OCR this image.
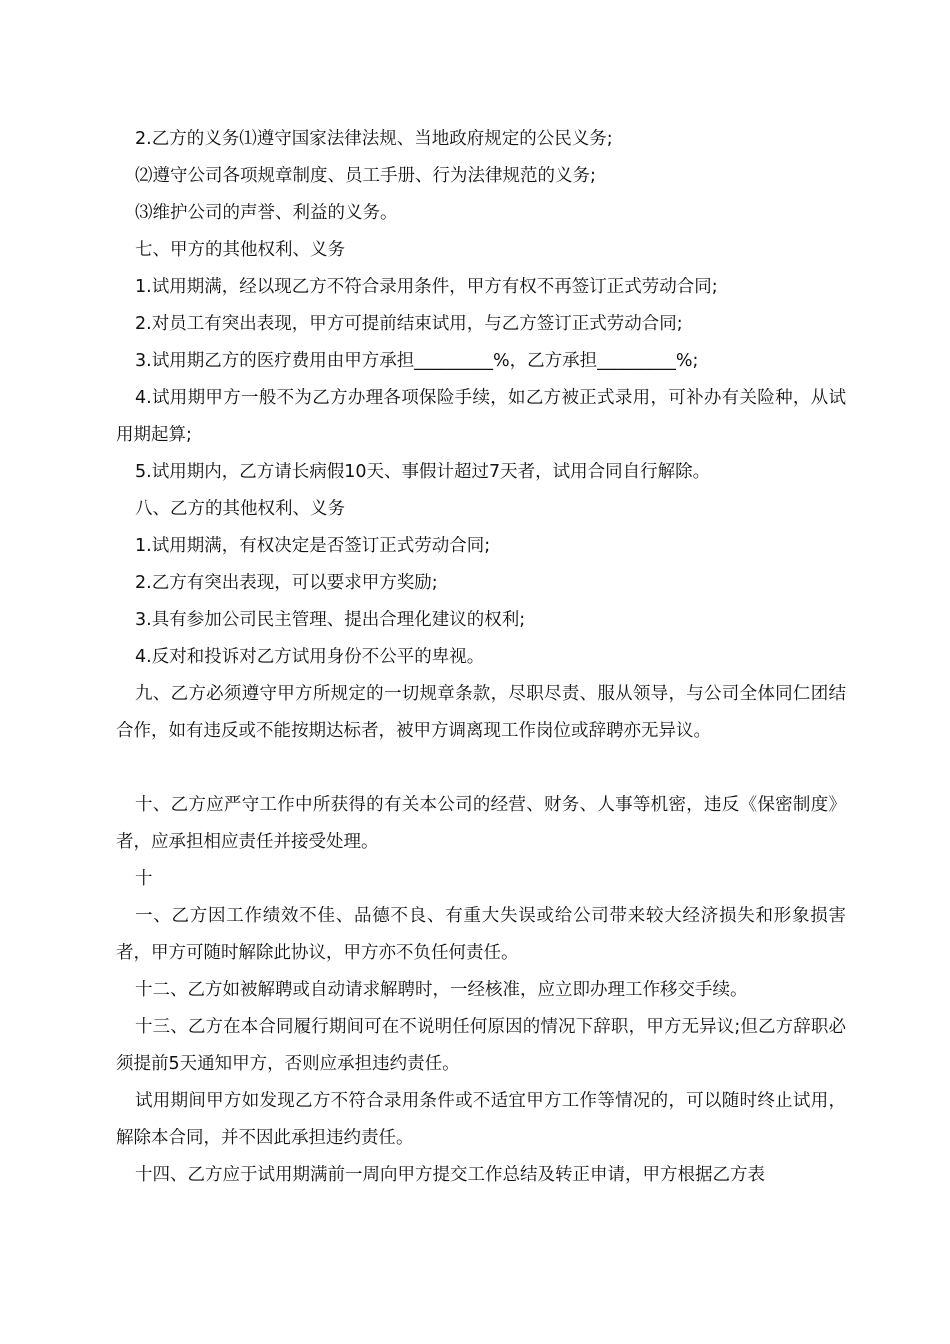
2.乙方的义务⑴遵守国家法律法规、当地政府规定的公民义务;

⑵遵守公司各项规章制度、员工手册、行为法律规范的义务;

⑶维护公司的声誉、利益的义务。

七、甲方的其他权利、义务

1.试用期满，经以现乙方不符合录用条件，甲方有权不再签订正式劳动合同;

2.对员工有突出表现，甲方可提前结束试用，与乙方签订正式劳动合同;

3.试用期乙方的医疗费用由甲方承担_________%，乙方承担_________%;

4.试用期甲方一般不为乙方办理各项保险手续，如乙方被正式录用，可补办有关险种，从试用期起算;

5.试用期内，乙方请长病假10天、事假计超过7天者，试用合同自行解除。

八、乙方的其他权利、义务

1.试用期满，有权决定是否签订正式劳动合同;

2.乙方有突出表现，可以要求甲方奖励;

3.具有参加公司民主管理、提出合理化建议的权利;

4.反对和投诉对乙方试用身份不公平的卑视。

九、乙方必须遵守甲方所规定的一切规章条款，尽职尽责、服从领导，与公司全体同仁团结合作，如有违反或不能按期达标者，被甲方调离现工作岗位或辞聘亦无异议。

十、乙方应严守工作中所获得的有关本公司的经营、财务、人事等机密，违反《保密制度》者，应承担相应责任并接受处理。

十

一、乙方因工作绩效不佳、品德不良、有重大失误或给公司带来较大经济损失和形象损害者，甲方可随时解除此协议，甲方亦不负任何责任。

十二、乙方如被解聘或自动请求解聘时，一经核准，应立即办理工作移交手续。

十三、乙方在本合同履行期间可在不说明任何原因的情况下辞职，甲方无异议;但乙方辞职必须提前5天通知甲方，否则应承担违约责任。

试用期间甲方如发现乙方不符合录用条件或不适宜甲方工作等情况的，可以随时终止试用，解除本合同，并不因此承担违约责任。

十四、乙方应于试用期满前一周向甲方提交工作总结及转正申请，甲方根据乙方表
